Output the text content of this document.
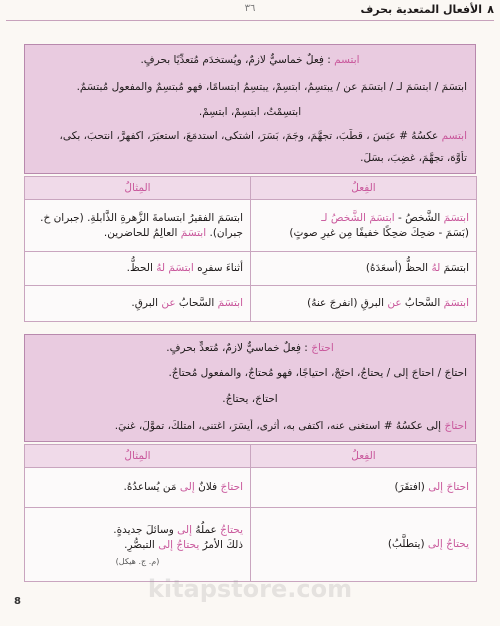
٨
الأفعال المتعدية بحرف
٣٦
ابتسم : فِعلٌ خماسيٌّ لازمٌ، ويُستخدَم مُتعدِّيًا بحرفٍ.
ابتسَمَ / ابتسَمَ لـ / ابتسَمَ عن / يبتسِمُ، ابتسِمْ، يبتسِمُ ابتسامًا، فهو مُبتسِمٌ والمفعول مُبتسَمٌ.
ابتسِمْتُ، ابتسِمْ، ابتسِمْ.
ابتسم عكسُهُ # عبَسَ ، قطَّبَ، تجهَّمَ، وجَمَ، بَسَرَ، اشتكى، استدمَعَ، استعبَرَ، اكفهرَّ، انتحبَ، بكى،
تأوَّهَ، تجهَّمَ، غضِبَ، بسَلَ.
الفِعلُ	المِثالُ

ابتسَمَ الشَّخصُ - ابتسَمَ الشَّخصُ لـ
(بَسَمَ - ضحِكَ ضحِكًا خفيفًا مِن غيرِ صوتٍ)	ابتسَمَ الفقيرُ ابتسامةَ الزَّهرةِ الذَّابلةِ. (جبران خ.
جبران). ابتسَمَ العالِمُ للحاضرين.

ابتسَمَ لهُ الحظُّ (أسعَدَهُ)	أثناءَ سفرِه ابتسَمَ لهُ الحظُّ.

ابتسَمَ السَّحابُ عن البرقِ (انفرجَ عنهُ)	ابتسَمَ السَّحابُ عن البرقِ.
احتاجَ : فِعلٌ خماسيٌّ لازمٌ، مُتعدٍّ بحرفٍ.
احتاجَ / احتاجَ إلى / يحتاجُ، احتَجْ، احتياجًا، فهو مُحتاجٌ، والمفعول مُحتاجٌ.
احتاجَ، يحتاجُ.
احتاجَ إلى عكسُهُ # استغنى عنه، اكتفى به، أثرى، أيسَرَ، اغتنى، امتلكَ، تموَّلَ، غنيَ.
الفِعلُ	المِثالُ

احتاجَ إلى (افتقَرَ)	احتاجَ فلانٌ إلى مَن يُساعدُهُ.

يحتاجُ إلى (يتطلَّبُ)	يحتاجُ عملُهُ إلى وسائلَ جديدةٍ.
ذلكَ الأمرُ يحتاجُ إلى التبصُّرِ.
(م. ج. هيكل)
kitapstore.com
8
